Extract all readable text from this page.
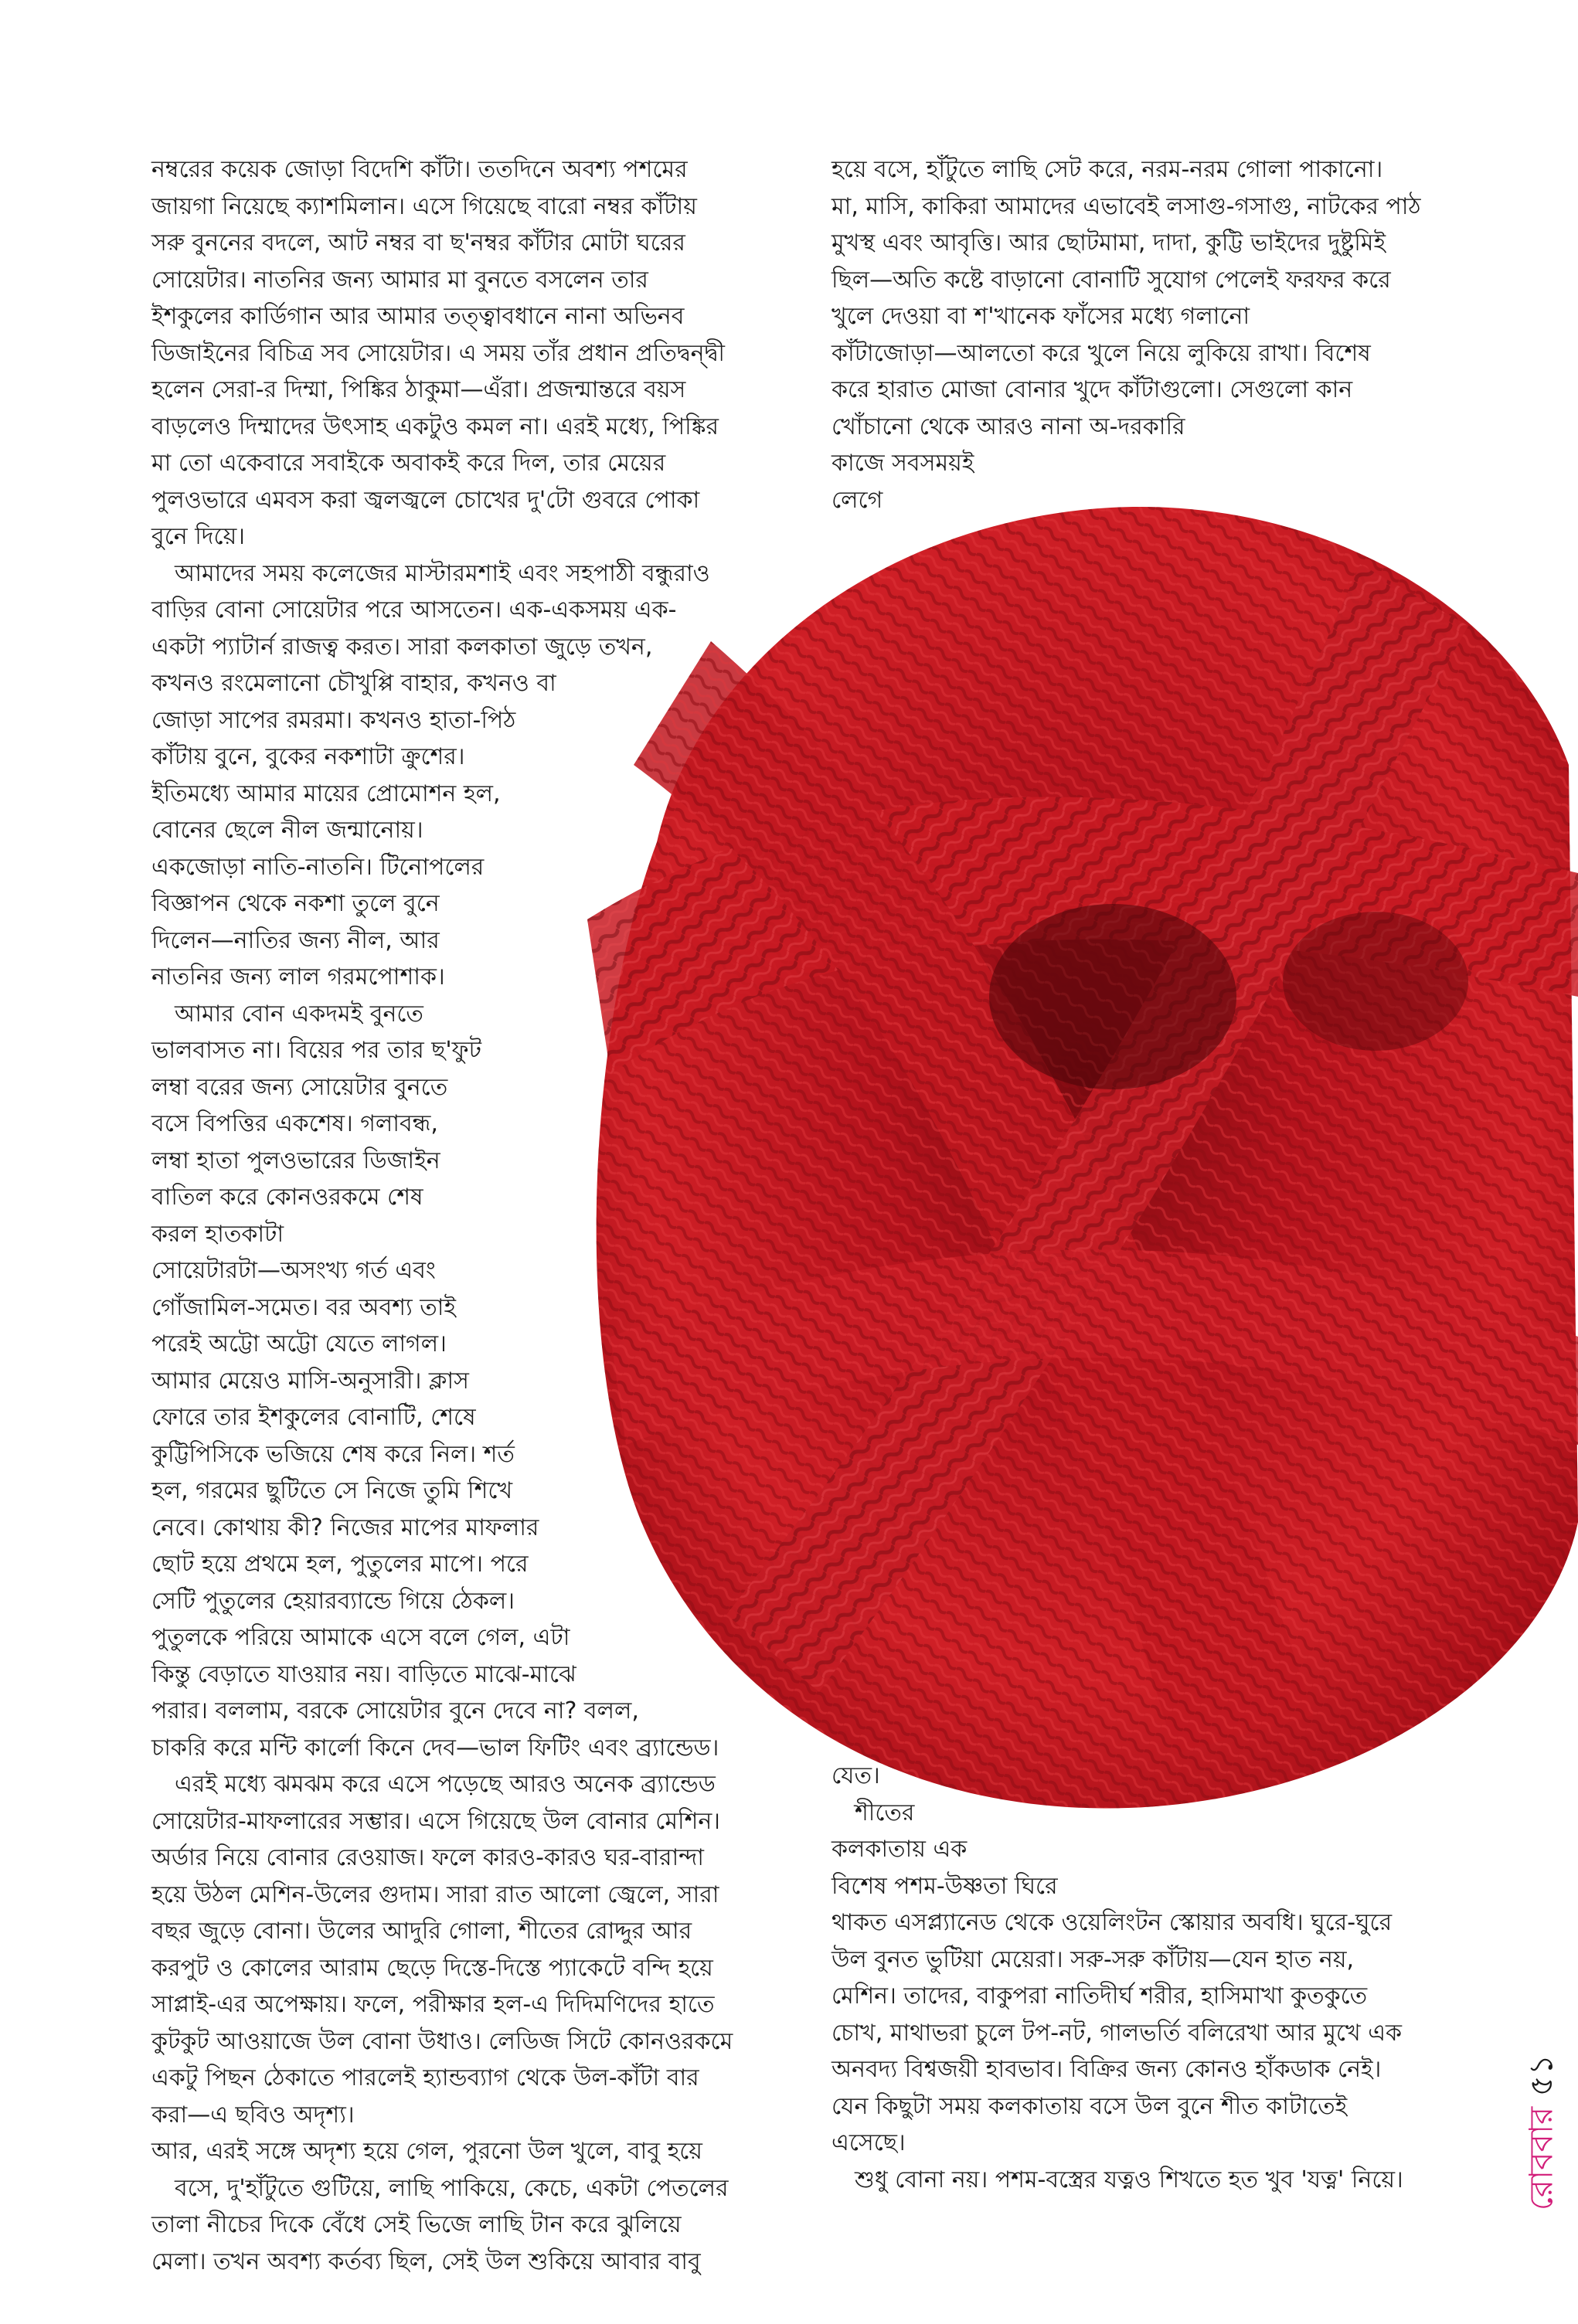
নম্বরের কয়েক জোড়া বিদেশি কাঁটা। ততদিনে অবশ্য পশমের
জায়গা নিয়েছে ক্যাশমিলান। এসে গিয়েছে বারো নম্বর কাঁটায়
সরু বুননের বদলে, আট নম্বর বা ছ'নম্বর কাঁটার মোটা ঘরের
সোয়েটার। নাতনির জন্য আমার মা বুনতে বসলেন তার
ইশকুলের কার্ডিগান আর আমার তত্ত্বাবধানে নানা অভিনব
ডিজাইনের বিচিত্র সব সোয়েটার। এ সময় তাঁর প্রধান প্রতিদ্বন্দ্বী
হলেন সেরা-র দিম্মা, পিঙ্কির ঠাকুমা—এঁরা। প্রজন্মান্তরে বয়স
বাড়লেও দিম্মাদের উৎসাহ একটুও কমল না। এরই মধ্যে, পিঙ্কির
মা তো একেবারে সবাইকে অবাকই করে দিল, তার মেয়ের
পুলওভারে এমবস করা জ্বলজ্বলে চোখের দু'টো গুবরে পোকা
বুনে দিয়ে।
আমাদের সময় কলেজের মাস্টারমশাই এবং সহপাঠী বন্ধুরাও
বাড়ির বোনা সোয়েটার পরে আসতেন। এক-একসময় এক-
একটা প্যাটার্ন রাজত্ব করত। সারা কলকাতা জুড়ে তখন,
কখনও রংমেলানো চৌখুপ্পি বাহার, কখনও বা
জোড়া সাপের রমরমা। কখনও হাতা-পিঠ
কাঁটায় বুনে, বুকের নকশাটা ক্রুশের।
ইতিমধ্যে আমার মায়ের প্রোমোশন হল,
বোনের ছেলে নীল জন্মানোয়।
একজোড়া নাতি-নাতনি। টিনোপলের
বিজ্ঞাপন থেকে নকশা তুলে বুনে
দিলেন—নাতির জন্য নীল, আর
নাতনির জন্য লাল গরমপোশাক।
আমার বোন একদমই বুনতে
ভালবাসত না। বিয়ের পর তার ছ'ফুট
লম্বা বরের জন্য সোয়েটার বুনতে
বসে বিপত্তির একশেষ। গলাবন্ধ,
লম্বা হাতা পুলওভারের ডিজাইন
বাতিল করে কোনওরকমে শেষ
করল হাতকাটা
সোয়েটারটা—অসংখ্য গর্ত এবং
গোঁজামিল-সমেত। বর অবশ্য তাই
পরেই অট্টো অট্টো যেতে লাগল।
আমার মেয়েও মাসি-অনুসারী। ক্লাস
ফোরে তার ইশকুলের বোনাটি, শেষে
কুট্টিপিসিকে ভজিয়ে শেষ করে নিল। শর্ত
হল, গরমের ছুটিতে সে নিজে তুমি শিখে
নেবে। কোথায় কী? নিজের মাপের মাফলার
ছোট হয়ে প্রথমে হল, পুতুলের মাপে। পরে
সেটি পুতুলের হেয়ারব্যান্ডে গিয়ে ঠেকল।
পুতুলকে পরিয়ে আমাকে এসে বলে গেল, এটা
কিন্তু বেড়াতে যাওয়ার নয়। বাড়িতে মাঝে-মাঝে
পরার। বললাম, বরকে সোয়েটার বুনে দেবে না? বলল,
চাকরি করে মন্টি কার্লো কিনে দেব—ভাল ফিটিং এবং ব্র্যান্ডেড।
এরই মধ্যে ঝমঝম করে এসে পড়েছে আরও অনেক ব্র্যান্ডেড
সোয়েটার-মাফলারের সম্ভার। এসে গিয়েছে উল বোনার মেশিন।
অর্ডার নিয়ে বোনার রেওয়াজ। ফলে কারও-কারও ঘর-বারান্দা
হয়ে উঠল মেশিন-উলের গুদাম। সারা রাত আলো জ্বেলে, সারা
বছর জুড়ে বোনা। উলের আদুরি গোলা, শীতের রোদ্দুর আর
করপুট ও কোলের আরাম ছেড়ে দিস্তে-দিস্তে প্যাকেটে বন্দি হয়ে
সাপ্লাই-এর অপেক্ষায়। ফলে, পরীক্ষার হল-এ দিদিমণিদের হাতে
কুটকুট আওয়াজে উল বোনা উধাও। লেডিজ সিটে কোনওরকমে
একটু পিছন ঠেকাতে পারলেই হ্যান্ডব্যাগ থেকে উল-কাঁটা বার
করা—এ ছবিও অদৃশ্য।
আর, এরই সঙ্গে অদৃশ্য হয়ে গেল, পুরনো উল খুলে, বাবু হয়ে
বসে, দু'হাঁটুতে গুটিয়ে, লাছি পাকিয়ে, কেচে, একটা পেতলের
তালা নীচের দিকে বেঁধে সেই ভিজে লাছি টান করে ঝুলিয়ে
মেলা। তখন অবশ্য কর্তব্য ছিল, সেই উল শুকিয়ে আবার বাবু
হয়ে বসে, হাঁটুতে লাছি সেট করে, নরম-নরম গোলা পাকানো।
মা, মাসি, কাকিরা আমাদের এভাবেই লসাগু-গসাগু, নাটকের পাঠ
মুখস্থ এবং আবৃত্তি। আর ছোটমামা, দাদা, কুট্টি ভাইদের দুষ্টুমিই
ছিল—অতি কষ্টে বাড়ানো বোনাটি সুযোগ পেলেই ফরফর করে
খুলে দেওয়া বা শ'খানেক ফাঁসের মধ্যে গলানো
কাঁটাজোড়া—আলতো করে খুলে নিয়ে লুকিয়ে রাখা। বিশেষ
করে হারাত মোজা বোনার খুদে কাঁটাগুলো। সেগুলো কান
খোঁচানো থেকে আরও নানা অ-দরকারি
কাজে সবসময়ই
লেগে
যেত।
শীতের
কলকাতায় এক
বিশেষ পশম-উষ্ণতা ঘিরে
থাকত এসপ্ল্যানেড থেকে ওয়েলিংটন স্কোয়ার অবধি। ঘুরে-ঘুরে
উল বুনত ভুটিয়া মেয়েরা। সরু-সরু কাঁটায়—যেন হাত নয়,
মেশিন। তাদের, বাকুপরা নাতিদীর্ঘ শরীর, হাসিমাখা কুতকুতে
চোখ, মাথাভরা চুলে টপ-নট, গালভর্তি বলিরেখা আর মুখে এক
অনবদ্য বিশ্বজয়ী হাবভাব। বিক্রির জন্য কোনও হাঁকডাক নেই।
যেন কিছুটা সময় কলকাতায় বসে উল বুনে শীত কাটাতেই
এসেছে।
শুধু বোনা নয়। পশম-বস্ত্রের যত্নও শিখতে হত খুব 'যত্ন' নিয়ে।	রোববার ৫১
